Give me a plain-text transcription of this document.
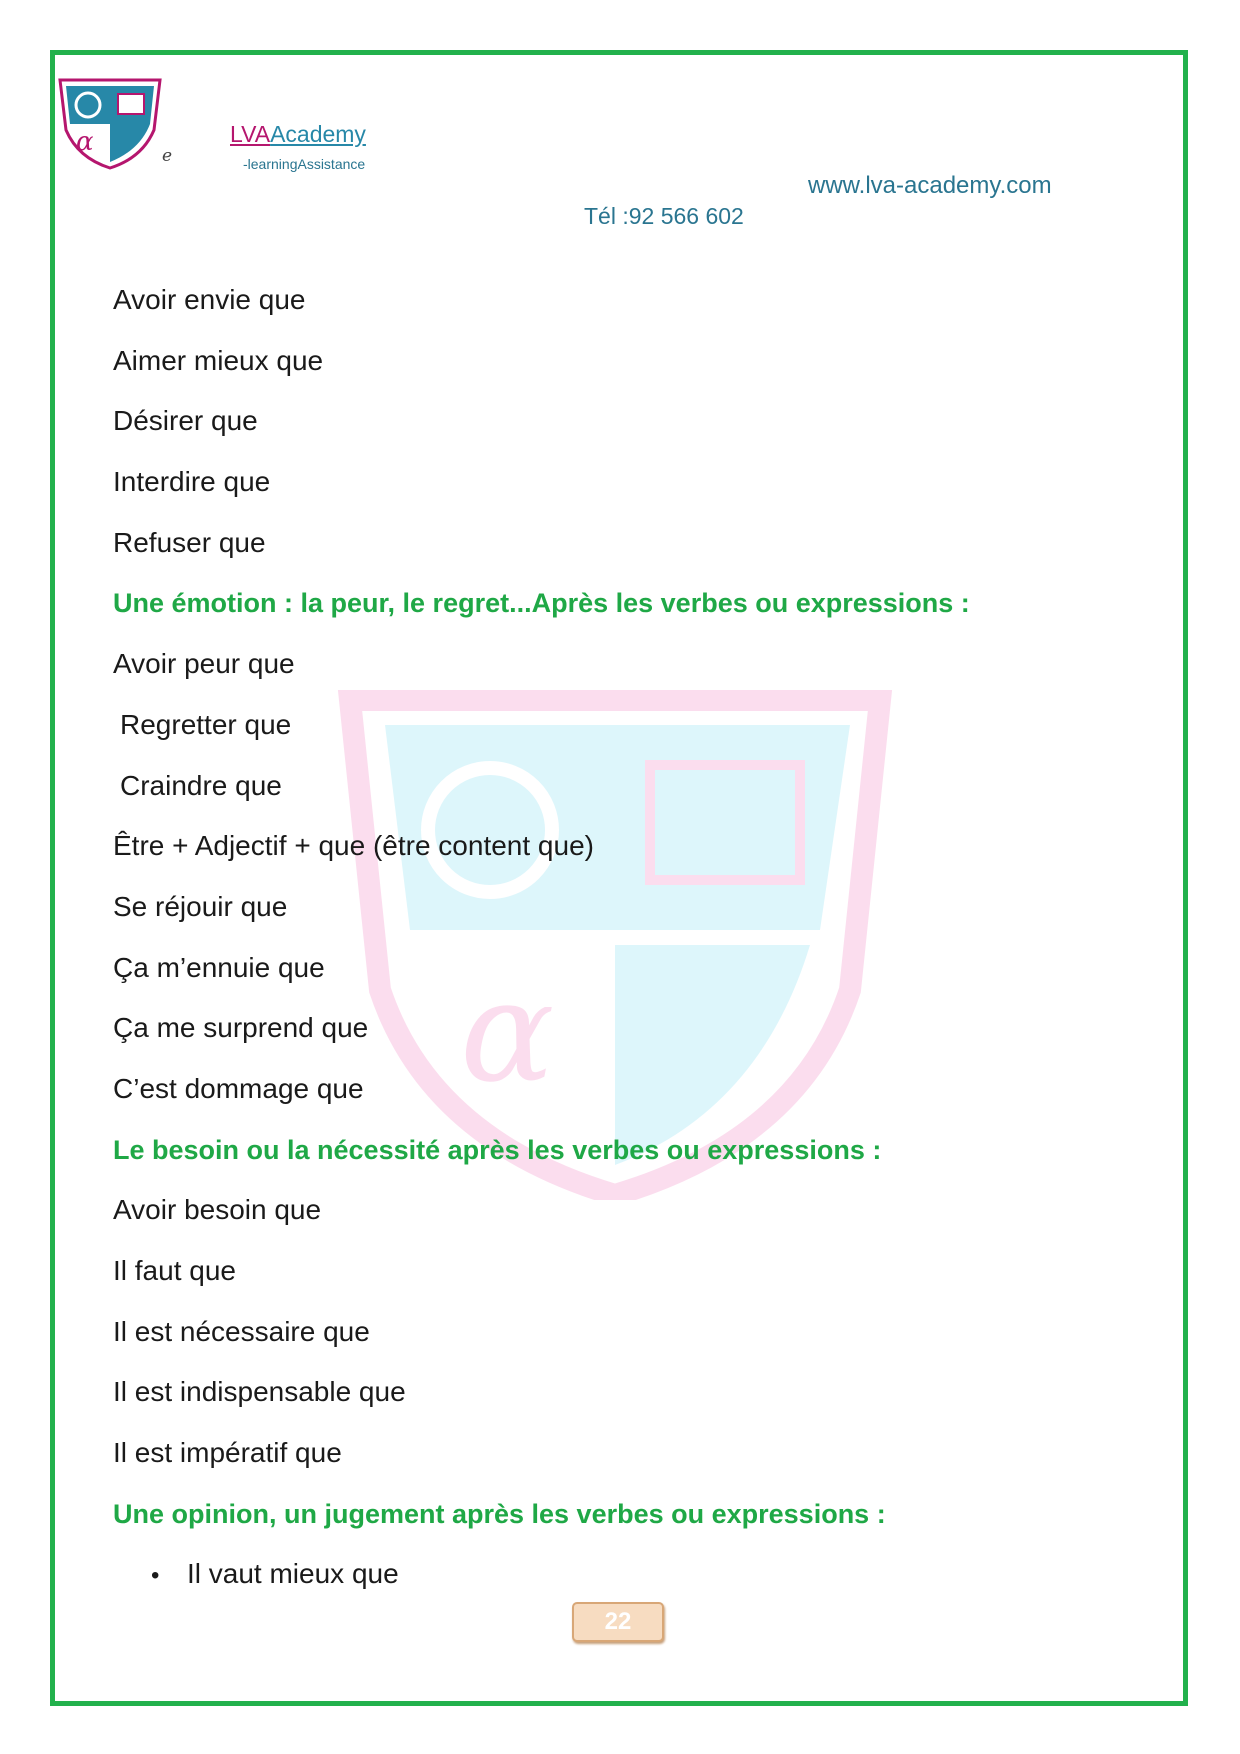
α
α	e
LVAAcademy
-learningAssistance
www.lva-academy.com
Tél :92 566 602
Avoir envie que
Aimer mieux que
Désirer que
Interdire que
Refuser que
Une émotion : la peur, le regret...Après les verbes ou expressions :
Avoir peur que
Regretter que
Craindre que
Être + Adjectif + que (être content que)
Se réjouir que
Ça m’ennuie que
Ça me surprend que
C’est dommage que
Le besoin ou la nécessité après les verbes ou expressions :
Avoir besoin que
Il faut que
Il est nécessaire que
Il est indispensable que
Il est impératif que
Une opinion, un jugement après les verbes ou expressions :
• Il vaut mieux que
22
